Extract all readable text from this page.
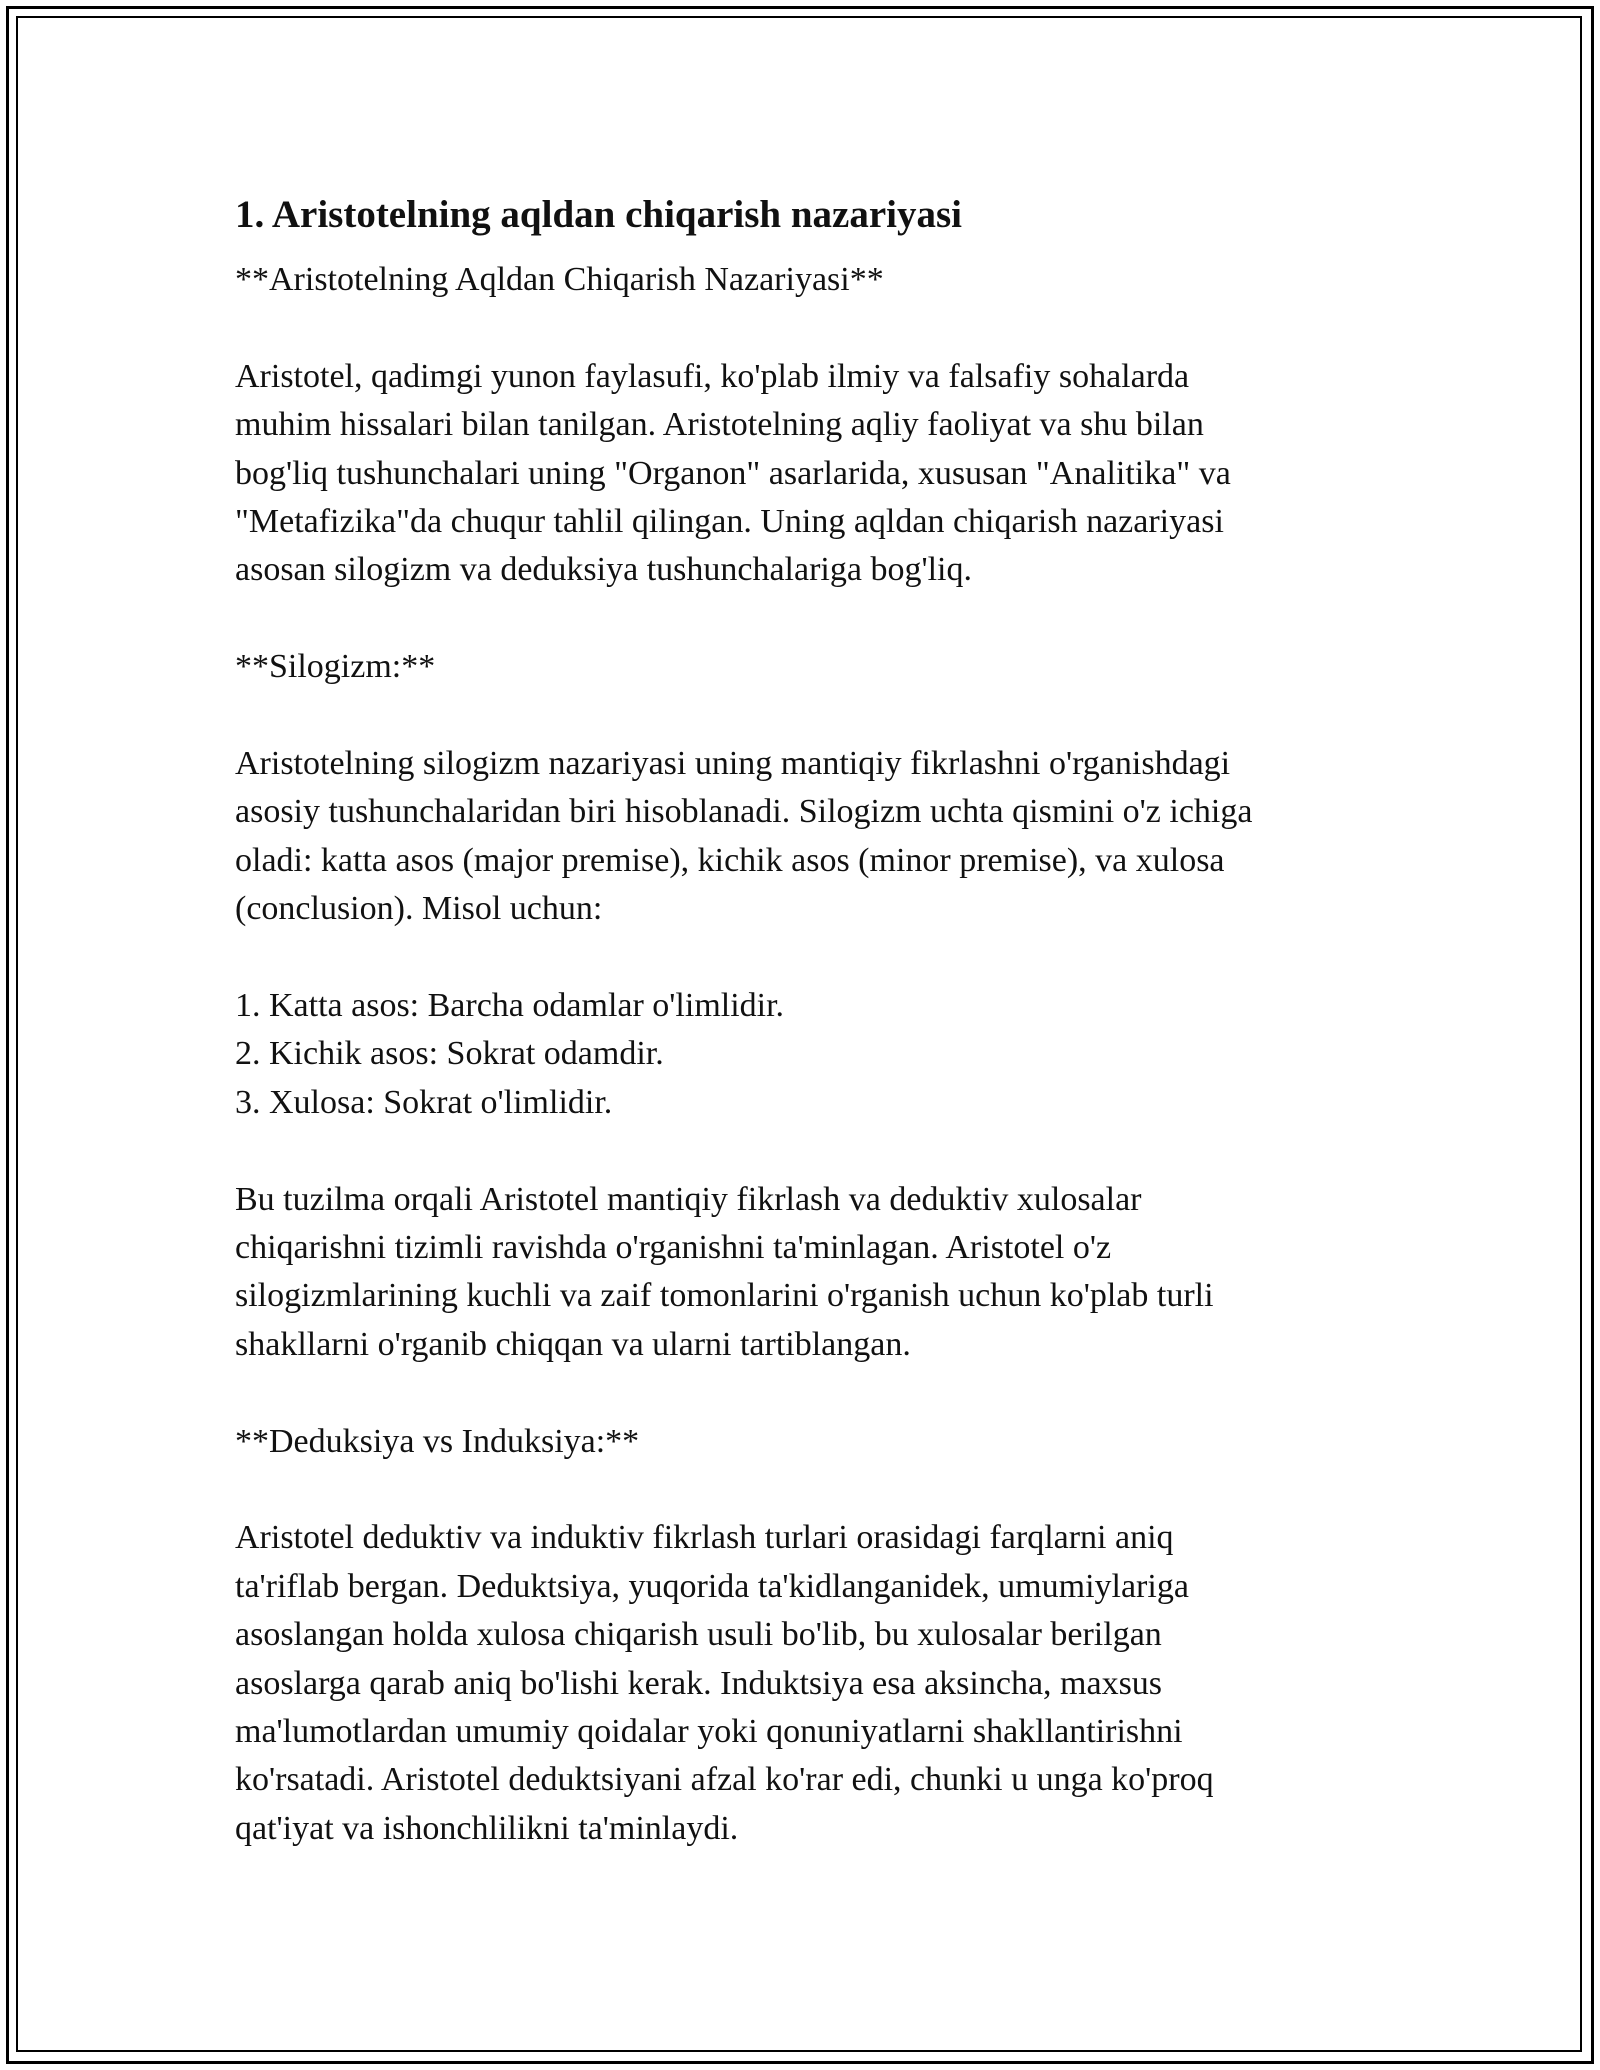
1. Aristotelning aqldan chiqarish nazariyasi

**Aristotelning Aqldan Chiqarish Nazariyasi**

Aristotel, qadimgi yunon faylasufi, ko'plab ilmiy va falsafiy sohalarda

muhim hissalari bilan tanilgan. Aristotelning aqliy faoliyat va shu bilan

bog'liq tushunchalari uning "Organon" asarlarida, xususan "Analitika" va

"Metafizika"da chuqur tahlil qilingan. Uning aqldan chiqarish nazariyasi

asosan silogizm va deduksiya tushunchalariga bog'liq.

**Silogizm:**

Aristotelning silogizm nazariyasi uning mantiqiy fikrlashni o'rganishdagi

asosiy tushunchalaridan biri hisoblanadi. Silogizm uchta qismini o'z ichiga

oladi: katta asos (major premise), kichik asos (minor premise), va xulosa

(conclusion). Misol uchun:

1. Katta asos: Barcha odamlar o'limlidir.

2. Kichik asos: Sokrat odamdir.

3. Xulosa: Sokrat o'limlidir.

Bu tuzilma orqali Aristotel mantiqiy fikrlash va deduktiv xulosalar

chiqarishni tizimli ravishda o'rganishni ta'minlagan. Aristotel o'z

silogizmlarining kuchli va zaif tomonlarini o'rganish uchun ko'plab turli

shakllarni o'rganib chiqqan va ularni tartiblangan.

**Deduksiya vs Induksiya:**

Aristotel deduktiv va induktiv fikrlash turlari orasidagi farqlarni aniq

ta'riflab bergan. Deduktsiya, yuqorida ta'kidlanganidek, umumiylariga

asoslangan holda xulosa chiqarish usuli bo'lib, bu xulosalar berilgan

asoslarga qarab aniq bo'lishi kerak. Induktsiya esa aksincha, maxsus

ma'lumotlardan umumiy qoidalar yoki qonuniyatlarni shakllantirishni

ko'rsatadi. Aristotel deduktsiyani afzal ko'rar edi, chunki u unga ko'proq

qat'iyat va ishonchlilikni ta'minlaydi.
